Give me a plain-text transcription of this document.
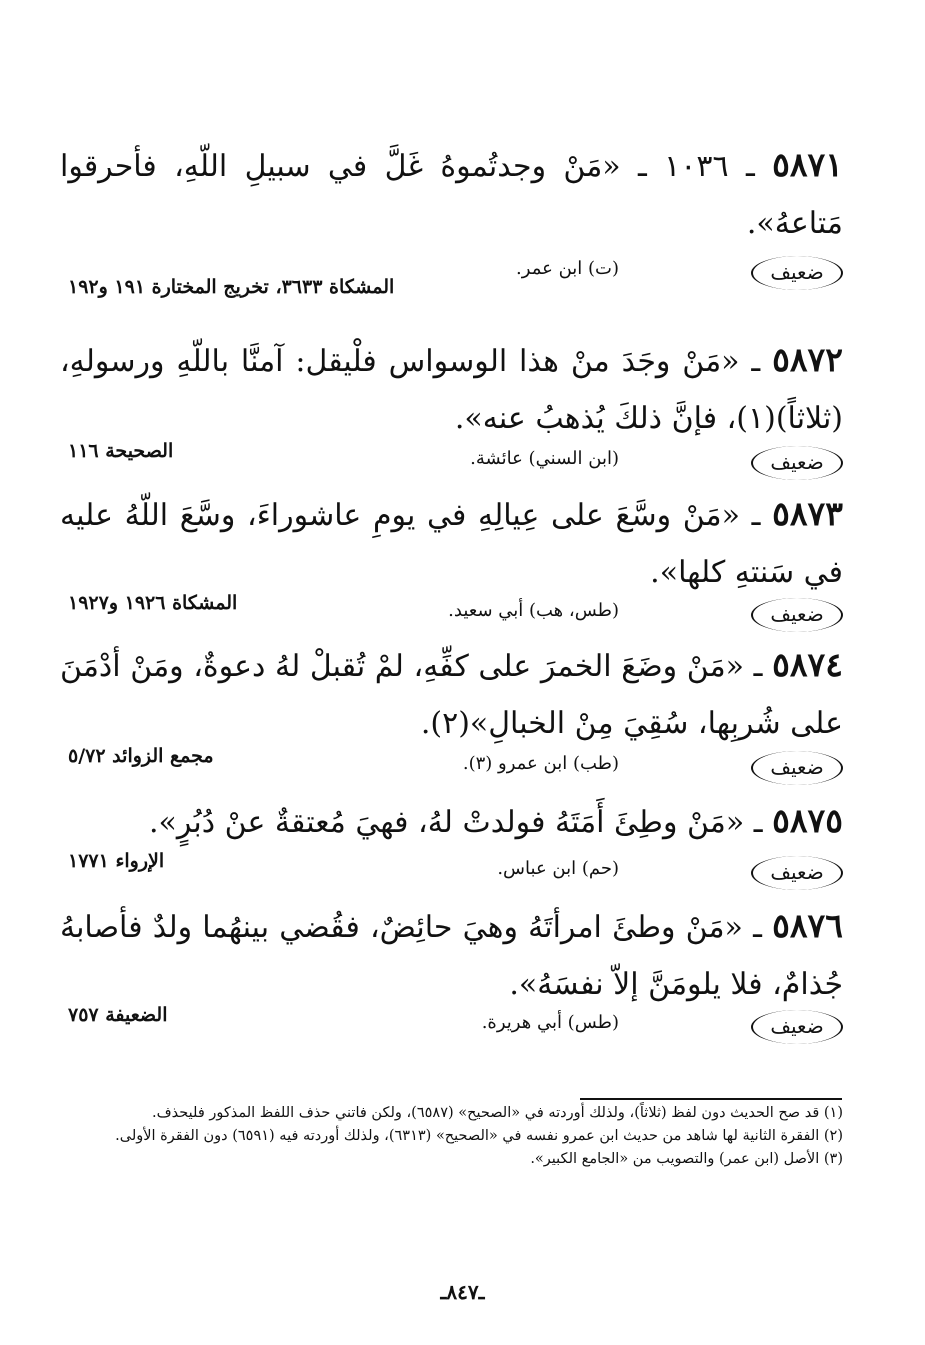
٥٨٧١ ـ ١٠٣٦ ـ «مَنْ وجدتُموهُ غَلَّ في سبيلِ اللّهِ، فأحرقوا مَتاعهُ».
ضعيف
(ت) ابن عمر.
المشكاة ٣٦٣٣، تخريج المختارة ١٩١ و١٩٢
٥٨٧٢ ـ «مَنْ وجَدَ منْ هذا الوسواس فلْيقل: آمنَّا باللّهِ ورسولهِ، (ثلاثاً)(١)، فإنَّ ذلكَ يُذهبُ عنه».
ضعيف
(ابن السني) عائشة.
الصحيحة ١١٦
٥٨٧٣ ـ «مَنْ وسَّعَ على عِيالِهِ في يومِ عاشوراءَ، وسَّعَ اللّهُ عليه في سَنتهِ كلها».
ضعيف
(طس، هب) أبي سعيد.
المشكاة ١٩٢٦ و١٩٢٧
٥٨٧٤ ـ «مَنْ وضَعَ الخمرَ على كفِّهِ، لمْ تُقبلْ لهُ دعوةٌ، ومَنْ أدْمَنَ على شُربِها، سُقِيَ مِنْ الخبالِ»(٢).
ضعيف
(طب) ابن عمرو (٣).
مجمع الزوائد ٥/٧٢
٥٨٧٥ ـ «مَنْ وطِئَ أَمَتَهُ فولدتْ لهُ، فهيَ مُعتقةٌ عنْ دُبُرٍ».
ضعيف
(حم) ابن عباس.
الإرواء ١٧٧١
٥٨٧٦ ـ «مَنْ وطئَ امرأتَهُ وهيَ حائِضٌ، فقُضي بينهُما ولدٌ فأصابهُ جُذامٌ، فلا يلومَنَّ إلاّ نفسَهُ».
ضعيف
(طس) أبي هريرة.
الضعيفة ٧٥٧

(١) قد صح الحديث دون لفظ (ثلاثاً)، ولذلك أوردته في «الصحيح» (٦٥٨٧)، ولكن فاتني حذف اللفظ المذكور فليحذف.

(٢) الفقرة الثانية لها شاهد من حديث ابن عمرو نفسه في «الصحيح» (٦٣١٣)، ولذلك أوردته فيه (٦٥٩١) دون الفقرة الأولى.

(٣) الأصل (ابن عمر) والتصويب من «الجامع الكبير».

ـ٨٤٧ـ
